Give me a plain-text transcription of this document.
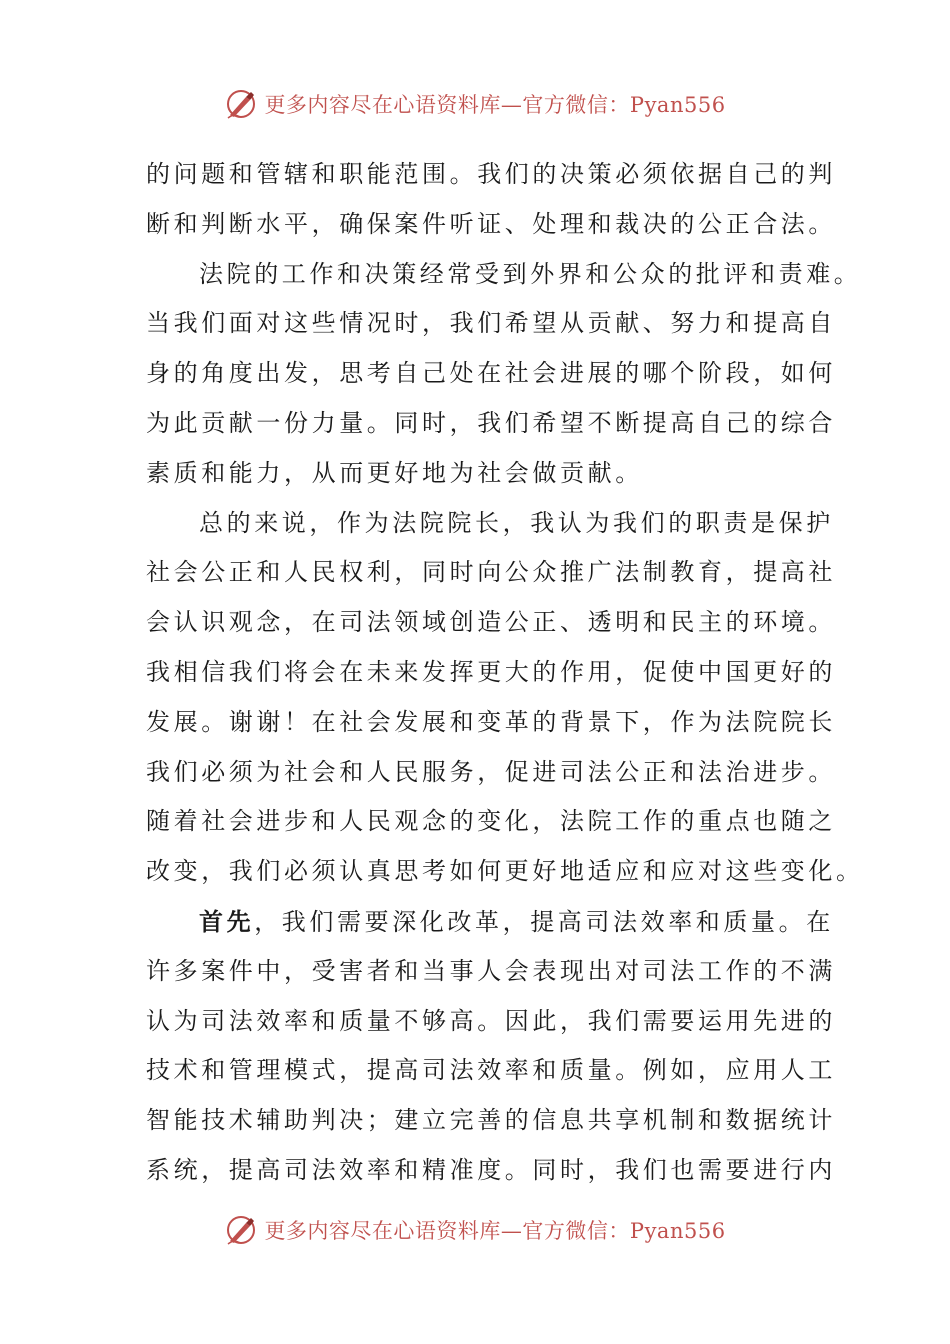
更多内容尽在心语资料库—官方微信：Pyan556
的问题和管辖和职能范围。我们的决策必须依据自己的判
断和判断水平，确保案件听证、处理和裁决的公正合法。
法院的工作和决策经常受到外界和公众的批评和责难。
当我们面对这些情况时，我们希望从贡献、努力和提高自
身的角度出发，思考自己处在社会进展的哪个阶段，如何
为此贡献一份力量。同时，我们希望不断提高自己的综合
素质和能力，从而更好地为社会做贡献。
总的来说，作为法院院长，我认为我们的职责是保护
社会公正和人民权利，同时向公众推广法制教育，提高社
会认识观念，在司法领域创造公正、透明和民主的环境。
我相信我们将会在未来发挥更大的作用，促使中国更好的
发展。谢谢！在社会发展和变革的背景下，作为法院院长
我们必须为社会和人民服务，促进司法公正和法治进步。
随着社会进步和人民观念的变化，法院工作的重点也随之
改变，我们必须认真思考如何更好地适应和应对这些变化。
首先，我们需要深化改革，提高司法效率和质量。在
许多案件中，受害者和当事人会表现出对司法工作的不满
认为司法效率和质量不够高。因此，我们需要运用先进的
技术和管理模式，提高司法效率和质量。例如，应用人工
智能技术辅助判决；建立完善的信息共享机制和数据统计
系统，提高司法效率和精准度。同时，我们也需要进行内
更多内容尽在心语资料库—官方微信：Pyan556
